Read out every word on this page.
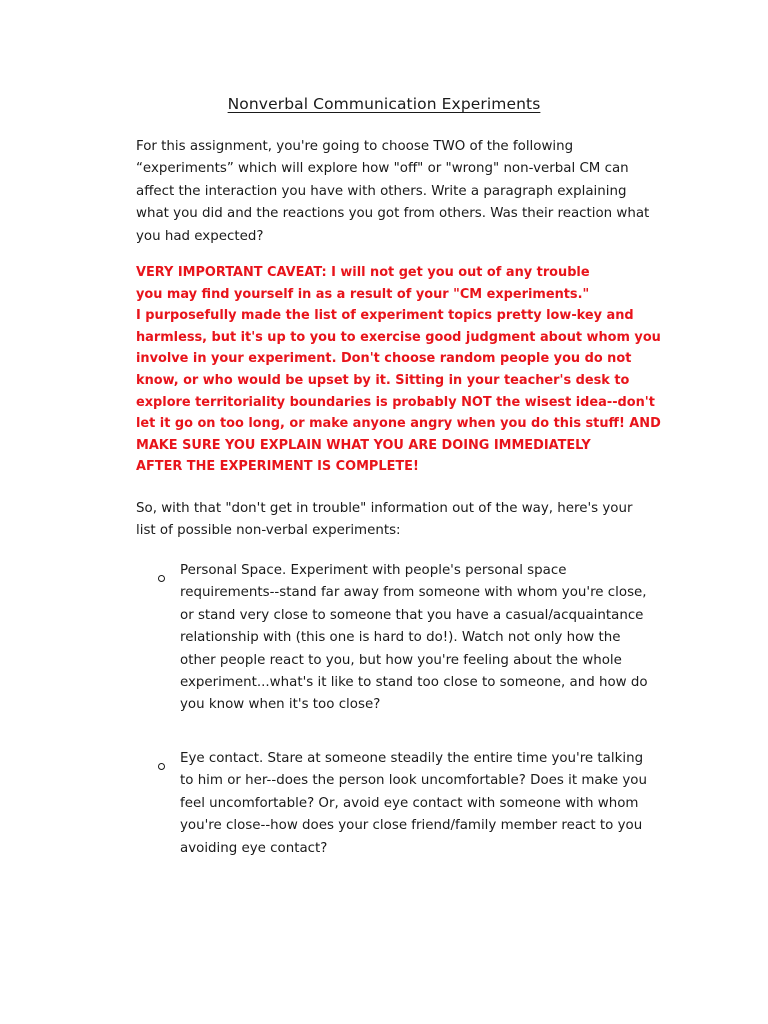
Nonverbal Communication Experiments

For this assignment, you're going to choose TWO of the following
“experiments” which will explore how "off" or "wrong" non-verbal CM can
affect the interaction you have with others. Write a paragraph explaining
what you did and the reactions you got from others. Was their reaction what
you had expected?

VERY IMPORTANT CAVEAT: I will not get you out of any trouble
you may find yourself in as a result of your "CM experiments."
I purposefully made the list of experiment topics pretty low-key and
harmless, but it's up to you to exercise good judgment about whom you
involve in your experiment. Don't choose random people you do not
know, or who would be upset by it. Sitting in your teacher's desk to
explore territoriality boundaries is probably NOT the wisest idea--don't
let it go on too long, or make anyone angry when you do this stuff! AND
MAKE SURE YOU EXPLAIN WHAT YOU ARE DOING IMMEDIATELY
AFTER THE EXPERIMENT IS COMPLETE!

So, with that "don't get in trouble" information out of the way, here's your
list of possible non-verbal experiments:

Personal Space. Experiment with people's personal space
requirements--stand far away from someone with whom you're close,
or stand very close to someone that you have a casual/acquaintance
relationship with (this one is hard to do!). Watch not only how the
other people react to you, but how you're feeling about the whole
experiment...what's it like to stand too close to someone, and how do
you know when it's too close?

Eye contact. Stare at someone steadily the entire time you're talking
to him or her--does the person look uncomfortable? Does it make you
feel uncomfortable? Or, avoid eye contact with someone with whom
you're close--how does your close friend/family member react to you
avoiding eye contact?
